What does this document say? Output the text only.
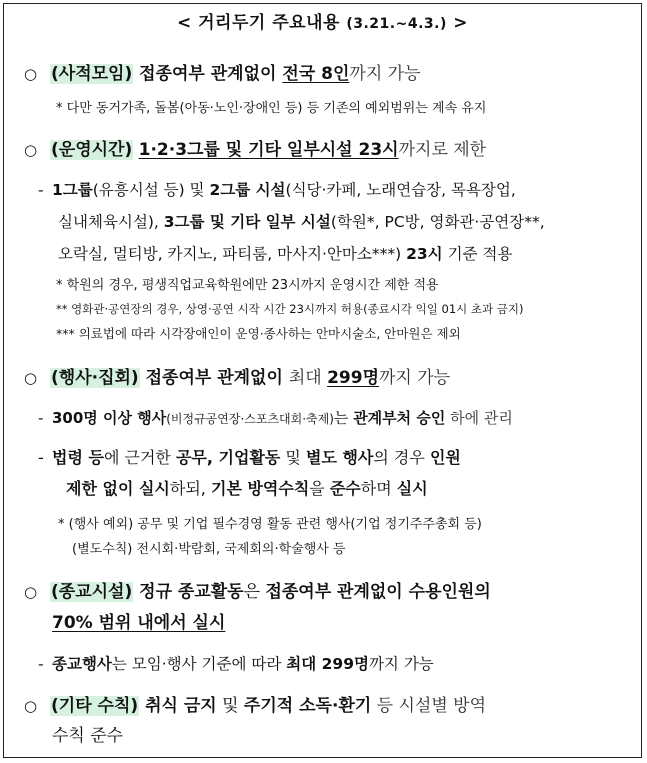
< 거리두기 주요내용 (3.21.~4.3.) >
○ (사적모임) 접종여부 관계없이 전국 8인까지 가능
* 다만 동거가족, 돌봄(아동·노인·장애인 등) 등 기존의 예외범위는 계속 유지
○ (운영시간) 1·2·3그룹 및 기타 일부시설 23시까지로 제한
- 1그룹(유흥시설 등) 및 2그룹 시설(식당·카페, 노래연습장, 목욕장업,
실내체육시설), 3그룹 및 기타 일부 시설(학원*, PC방, 영화관·공연장**,
오락실, 멀티방, 카지노, 파티룸, 마사지·안마소***) 23시 기준 적용
* 학원의 경우, 평생직업교육학원에만 23시까지 운영시간 제한 적용
** 영화관·공연장의 경우, 상영·공연 시작 시간 23시까지 허용(종료시각 익일 01시 초과 금지)
*** 의료법에 따라 시각장애인이 운영·종사하는 안마시술소, 안마원은 제외
○ (행사·집회) 접종여부 관계없이 최대 299명까지 가능
- 300명 이상 행사(비정규공연장·스포츠대회·축제)는 관계부처 승인 하에 관리
- 법령 등에 근거한 공무, 기업활동 및 별도 행사의 경우 인원
제한 없이 실시하되, 기본 방역수칙을 준수하며 실시
* (행사 예외) 공무 및 기업 필수경영 활동 관련 행사(기업 정기주주총회 등)
(별도수칙) 전시회·박람회, 국제회의·학술행사 등
○ (종교시설) 정규 종교활동은 접종여부 관계없이 수용인원의
70% 범위 내에서 실시
- 종교행사는 모임·행사 기준에 따라 최대 299명까지 가능
○ (기타 수칙) 취식 금지 및 주기적 소독·환기 등 시설별 방역
수칙 준수
